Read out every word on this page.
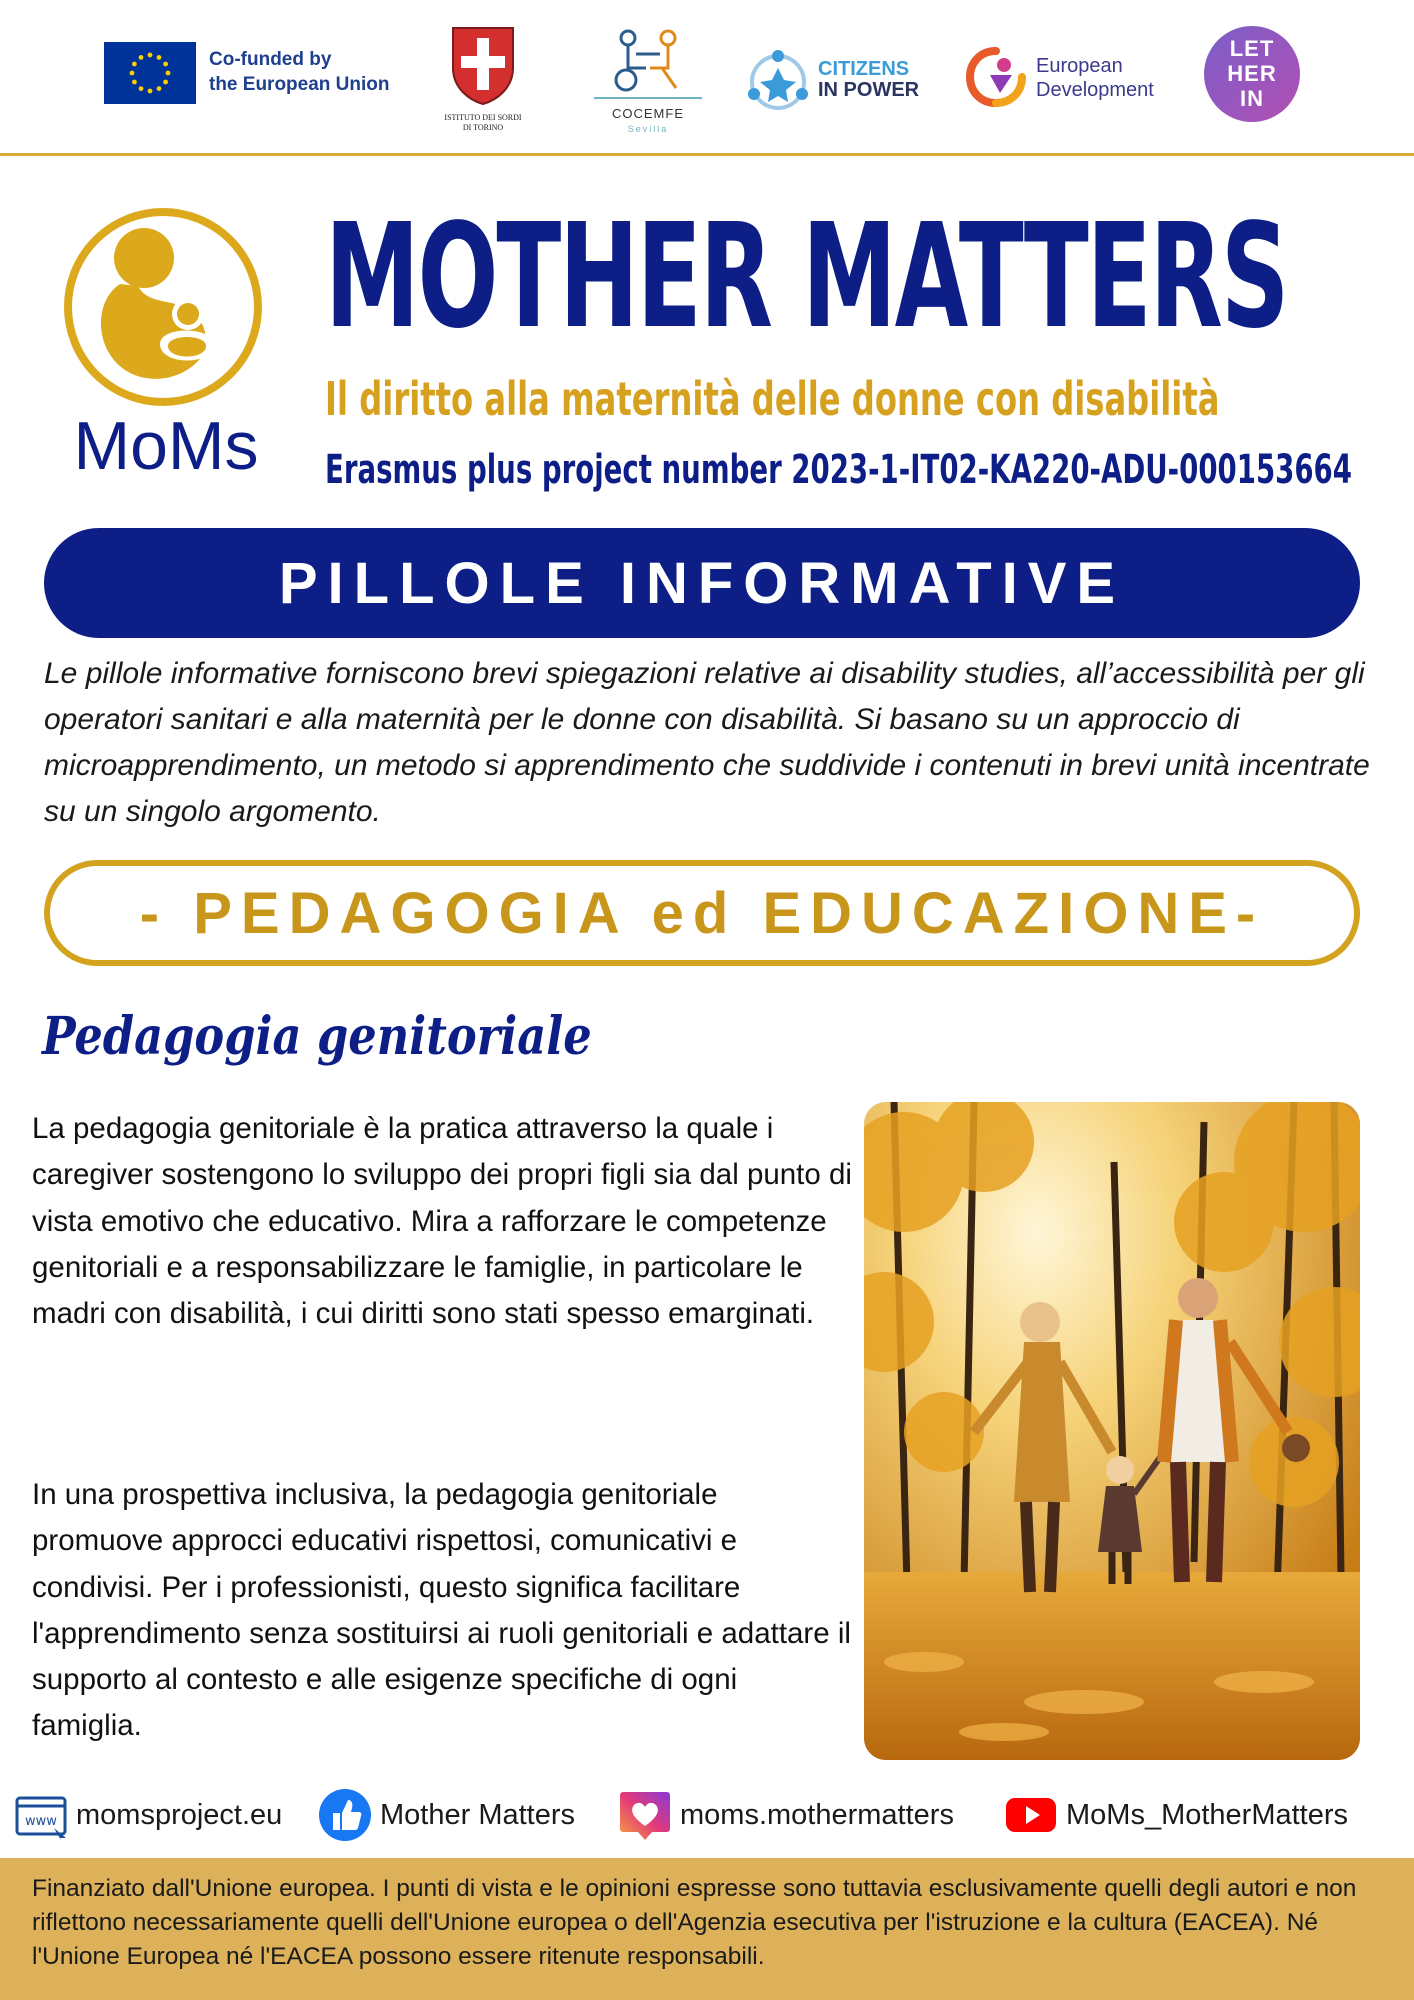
Co-funded by
the European Union
ISTITUTO DEI SORDI
DI TORINO
COCEMFE
Sevilla
CITIZENS
IN POWER
European
Development
LET
HER
IN
MoMs
MOTHER MATTERS
Il diritto alla maternità delle donne con disabilità
Erasmus plus project number 2023-1-IT02-KA220-ADU-000153664
PILLOLE INFORMATIVE

Le pillole informative forniscono brevi spiegazioni relative ai disability studies, all’accessibilità per gli operatori sanitari e alla maternità per le donne con disabilità. Si basano su un approccio di microapprendimento, un metodo si apprendimento che suddivide i contenuti in brevi unità incentrate su un singolo argomento.

- PEDAGOGIA ed EDUCAZIONE-
Pedagogia genitoriale

La pedagogia genitoriale è la pratica attraverso la quale i caregiver sostengono lo sviluppo dei propri figli sia dal punto di vista emotivo che educativo. Mira a rafforzare le competenze genitoriali e a responsabilizzare le famiglie, in particolare le madri con disabilità, i cui diritti sono stati spesso emarginati.

In una prospettiva inclusiva, la pedagogia genitoriale promuove approcci educativi rispettosi, comunicativi e condivisi. Per i professionisti, questo significa facilitare l'apprendimento senza sostituirsi ai ruoli genitoriali e adattare il supporto al contesto e alle esigenze specifiche di ogni famiglia.

www momsproject.eu	Mother Matters	moms.mothermatters	MoMs_MotherMatters
Finanziato dall'Unione europea. I punti di vista e le opinioni espresse sono tuttavia esclusivamente quelli degli autori e non riflettono necessariamente quelli dell'Unione europea o dell'Agenzia esecutiva per l'istruzione e la cultura (EACEA). Né l'Unione Europea né l'EACEA possono essere ritenute responsabili.
